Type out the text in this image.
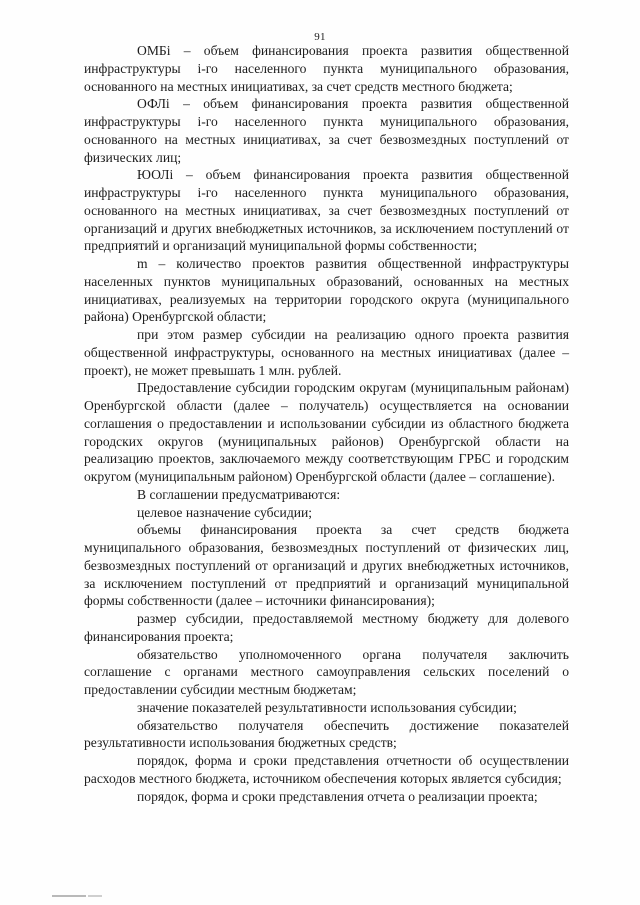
91

ОМБi – объем финансирования проекта развития общественной инфраструктуры i-го населенного пункта муниципального образования, основанного на местных инициативах, за счет средств местного бюджета;

ОФЛi – объем финансирования проекта развития общественной инфраструктуры i-го населенного пункта муниципального образования, основанного на местных инициативах, за счет безвозмездных поступлений от физических лиц;

ЮОЛi – объем финансирования проекта развития общественной инфраструктуры i-го населенного пункта муниципального образования, основанного на местных инициативах, за счет безвозмездных поступлений от организаций и других внебюджетных источников, за исключением поступлений от предприятий и организаций муниципальной формы собственности;

m – количество проектов развития общественной инфраструктуры населенных пунктов муниципальных образований, основанных на местных инициативах, реализуемых на территории городского округа (муниципального района) Оренбургской области;

при этом размер субсидии на реализацию одного проекта развития общественной инфраструктуры, основанного на местных инициативах (далее – проект), не может превышать 1 млн. рублей.

Предоставление субсидии городским округам (муниципальным районам) Оренбургской области (далее – получатель) осуществляется на основании соглашения о предоставлении и использовании субсидии из областного бюджета городских округов (муниципальных районов) Оренбургской области на реализацию проектов, заключаемого между соответствующим ГРБС и городским округом (муниципальным районом) Оренбургской области (далее – соглашение).

В соглашении предусматриваются:

целевое назначение субсидии;

объемы финансирования проекта за счет средств бюджета муниципального образования, безвозмездных поступлений от физических лиц, безвозмездных поступлений от организаций и других внебюджетных источников, за исключением поступлений от предприятий и организаций муниципальной формы собственности (далее – источники финансирования);

размер субсидии, предоставляемой местному бюджету для долевого финансирования проекта;

обязательство уполномоченного органа получателя заключить соглашение с органами местного самоуправления сельских поселений о предоставлении субсидии местным бюджетам;

значение показателей результативности использования субсидии;

обязательство получателя обеспечить достижение показателей результативности использования бюджетных средств;

порядок, форма и сроки представления отчетности об осуществлении расходов местного бюджета, источником обеспечения которых является субсидия;

порядок, форма и сроки представления отчета о реализации проекта;
